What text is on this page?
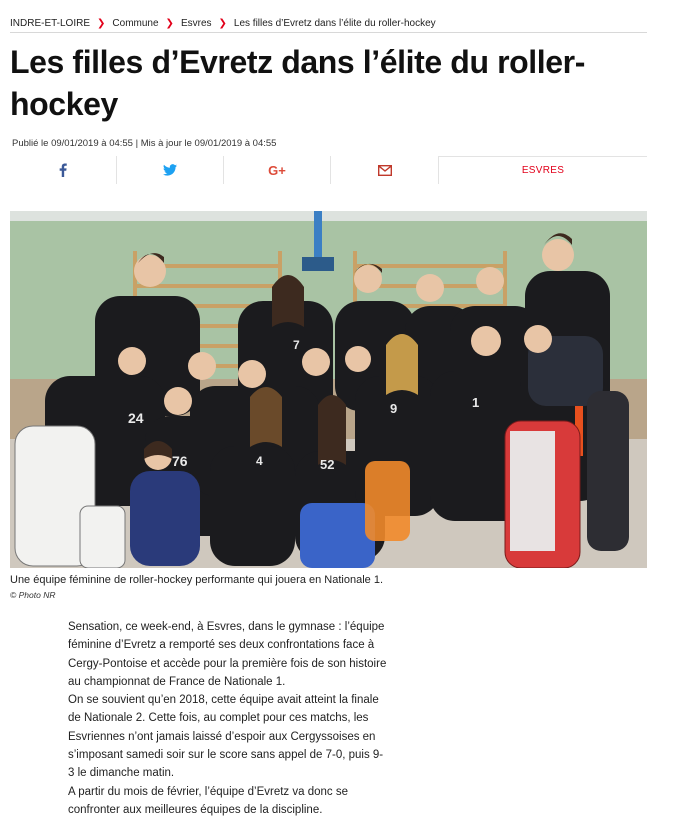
INDRE-ET-LOIRE ❯ Commune ❯ Esvres ❯ Les filles d’Evretz dans l’élite du roller-hockey
Les filles d’Evretz dans l’élite du roller-hockey
Publié le 09/01/2019 à 04:55 | Mis à jour le 09/01/2019 à 04:55
G+	ESVRES
7
24
76	4	52
9	1
Une équipe féminine de roller-hockey performante qui jouera en Nationale 1.
© Photo NR

Sensation, ce week-end, à Esvres, dans le gymnase : l’équipe féminine d’Evretz a remporté ses deux confrontations face à Cergy-Pontoise et accède pour la première fois de son histoire au championnat de France de Nationale 1.

On se souvient qu’en 2018, cette équipe avait atteint la finale de Nationale 2. Cette fois, au complet pour ces matchs, les Esvriennes n’ont jamais laissé d’espoir aux Cergyssoises en s’imposant samedi soir sur le score sans appel de 7-0, puis 9-3 le dimanche matin.

A partir du mois de février, l’équipe d’Evretz va donc se confronter aux meilleures équipes de la discipline.
